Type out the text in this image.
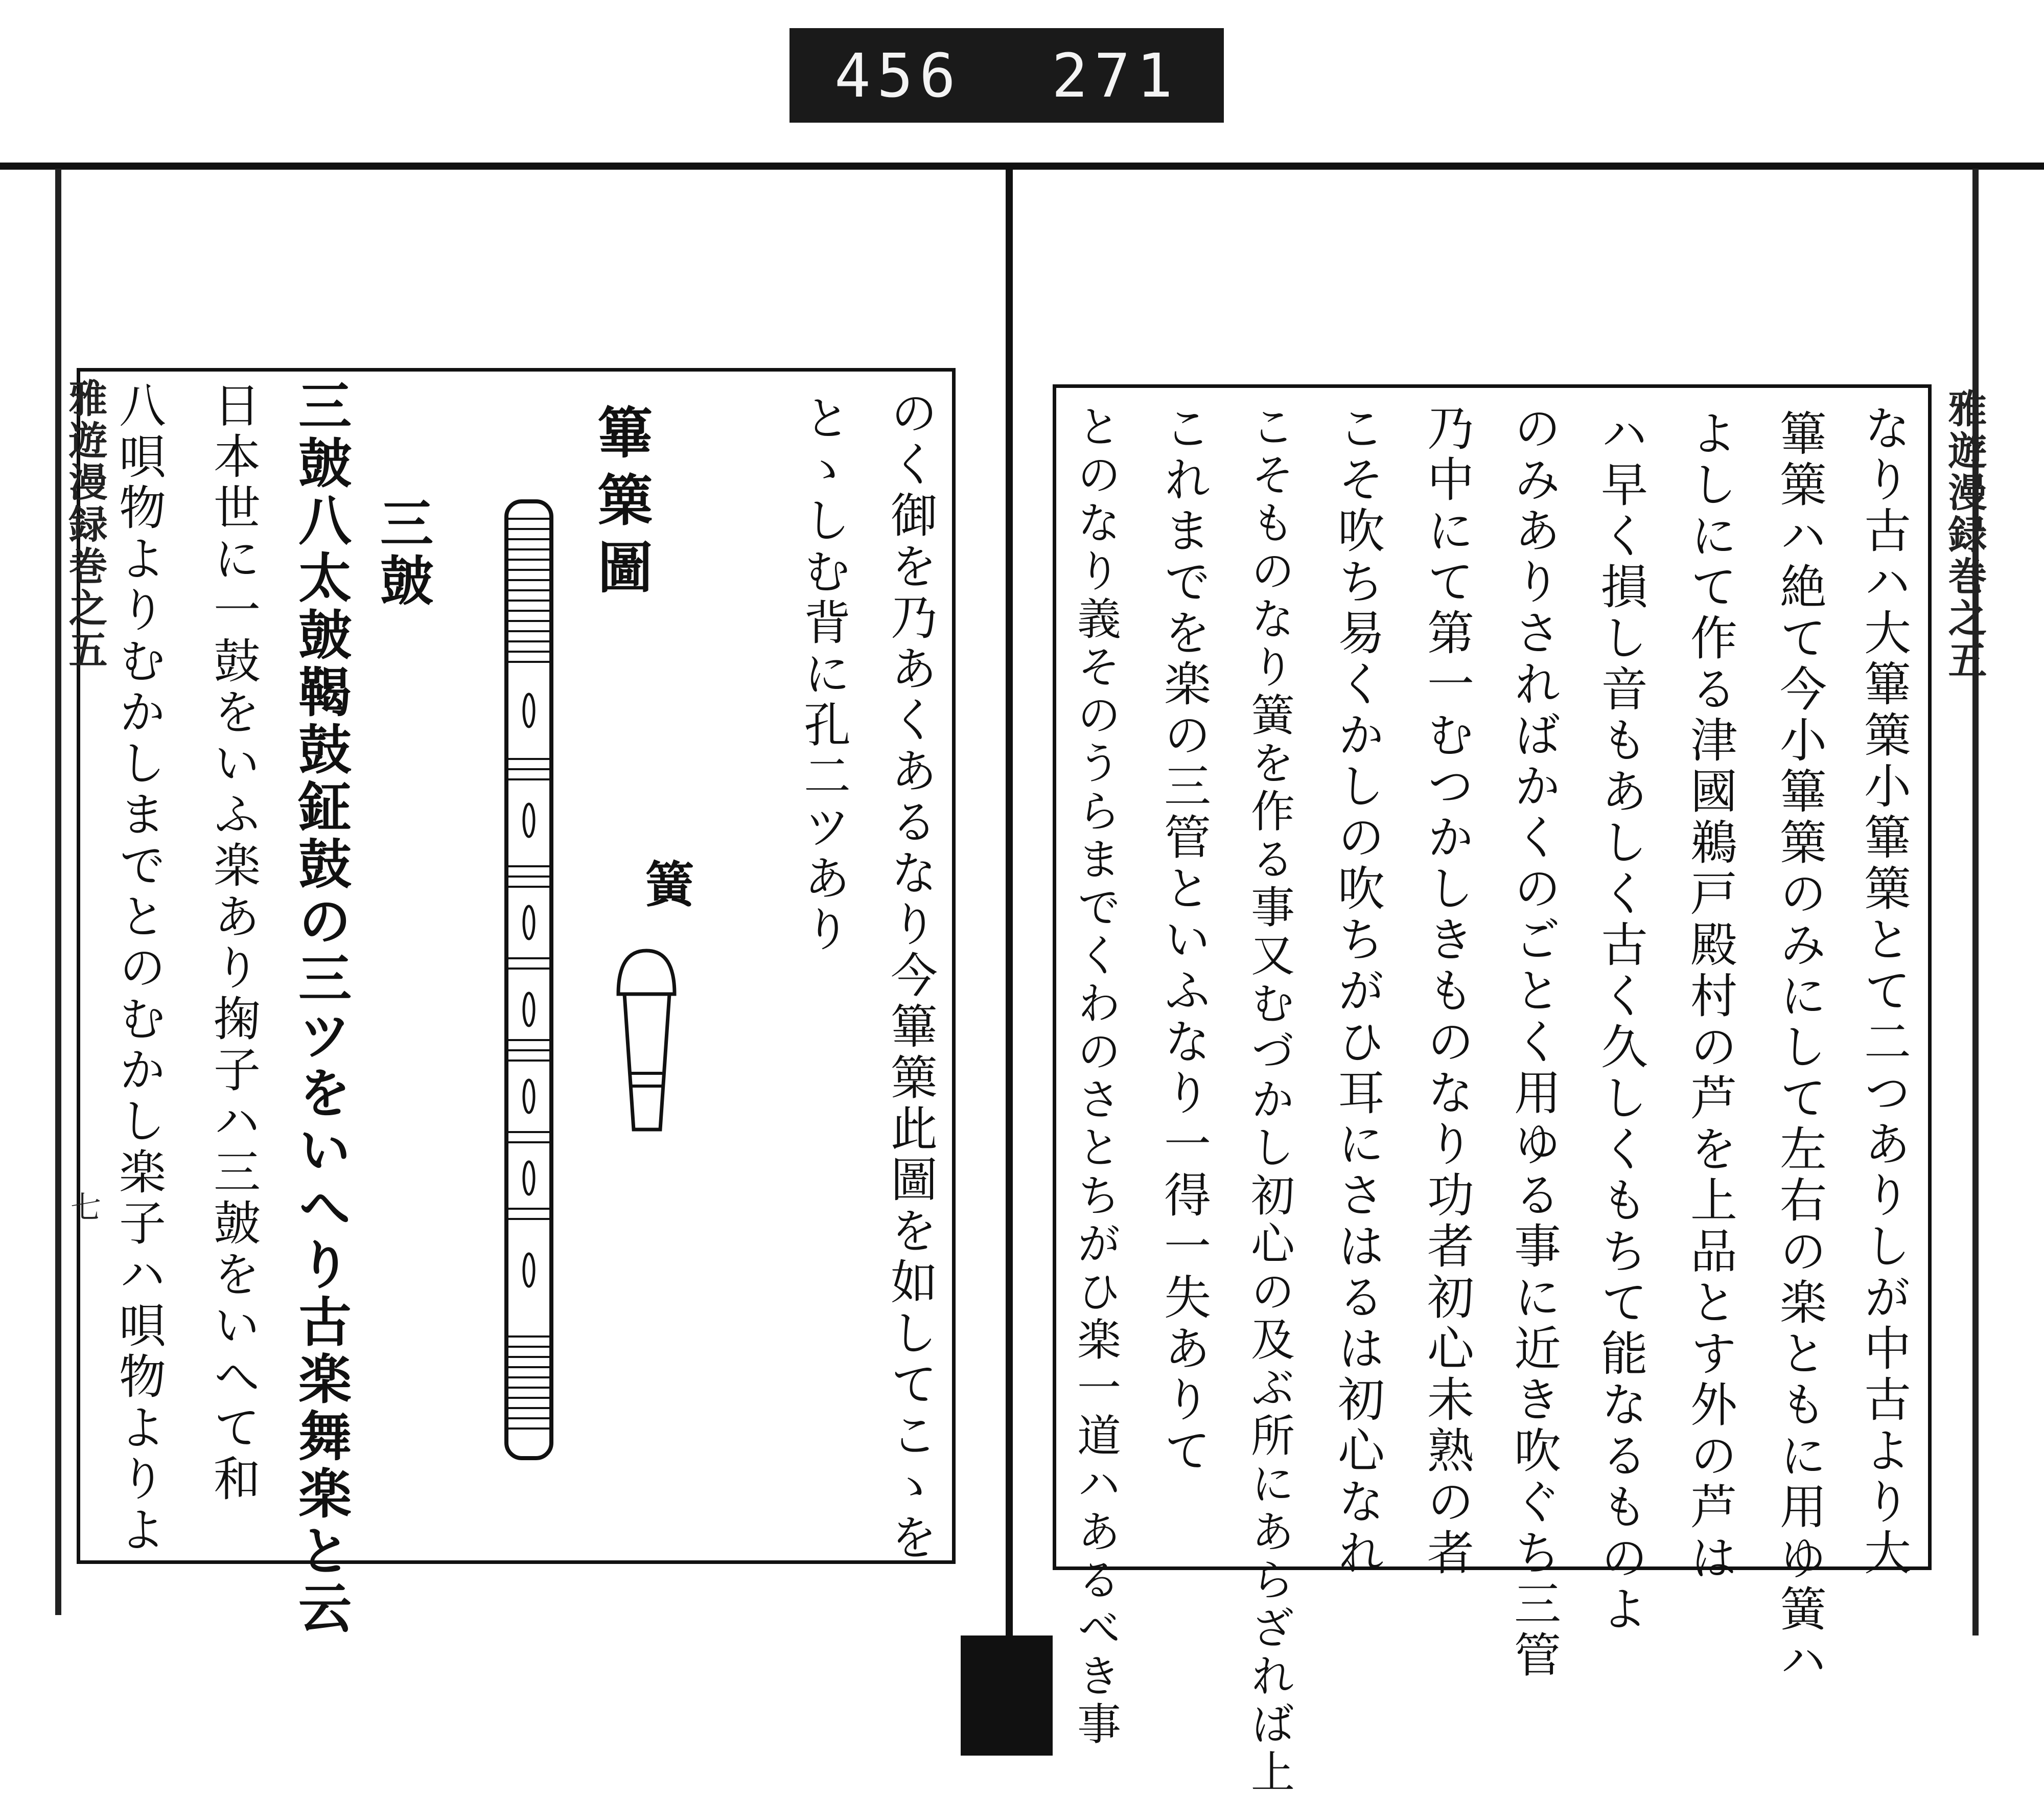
456 271
雅遊漫録巻之五
七	のく御を乃あくあるなり今篳篥此圖を如してこゝを
とゝしむ背に孔二ツあり
篳篥圖
三皷
三皷八太皷鞨鼓鉦鼓の三ツをいへり古楽舞楽と云
日本世に一鼓をいふ楽あり掬子ハ三皷をいへて和
八唄物よりむかしまでとのむかし楽子ハ唄物よりよ	簧
雅遊漫録巻之五
なり古ハ大篳篥小篳篥とて二つありしが中古より大
篳篥ハ絶て今小篳篥のみにして左右の楽ともに用ゆ簧ハ
よしにて作る津國鵜戸殿村の芦を上品とす外の芦は
ハ早く損し音もあしく古く久しくもちて能なるものよ
のみありさればかくのごとく用ゆる事に近き吹ぐち三管
乃中にて第一むつかしきものなり功者初心未熟の者
こそ吹ち易くかしの吹ちがひ耳にさはるは初心なれ
こそものなり簧を作る事又むづかし初心の及ぶ所にあらざれば上
これまでを楽の三管といふなり一得一失ありて
とのなり義そのうらまでくわのさとちがひ楽一道ハあるべき事
